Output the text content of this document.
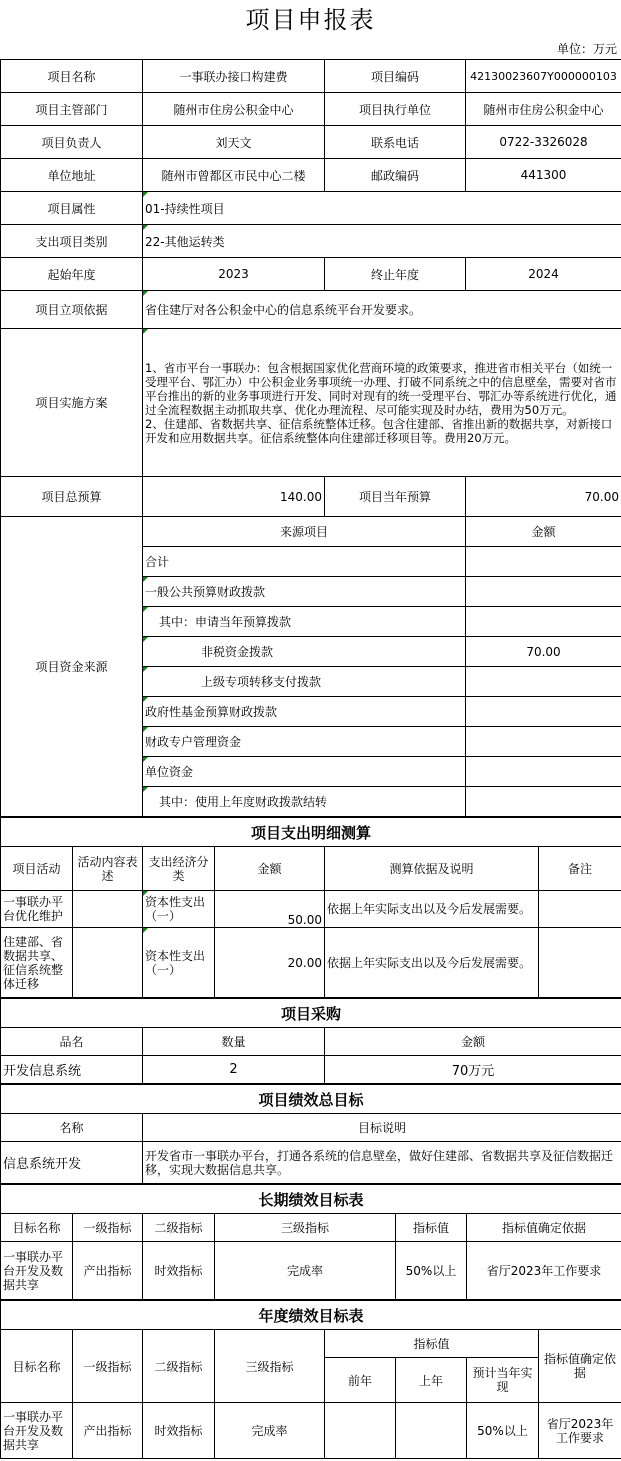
项目申报表
单位：万元
项目名称	一事联办接口构建费	项目编码	42130023607Y000000103
项目主管部门	随州市住房公积金中心	项目执行单位	随州市住房公积金中心
项目负责人	刘天文	联系电话	0722-3326028
单位地址	随州市曾都区市民中心二楼	邮政编码	441300
项目属性	01-持续性项目		
支出项目类别	22-其他运转类		
起始年度	2023	终止年度	2024
项目立项依据	省住建厅对各公积金中心的信息系统平台开发要求。		
项目实施方案	1、省市平台一事联办：包含根据国家优化营商环境的政策要求，推进省市相关平台（如统一受理平台、鄂汇办）中公积金业务事项统一办理、打破不同系统之中的信息壁垒，需要对省市平台推出的新的业务事项进行开发、同时对现有的统一受理平台、鄂汇办等系统进行优化，通过全流程数据主动抓取共享、优化办理流程、尽可能实现及时办结，费用为50万元。
2、住建部、省数据共享、征信系统整体迁移。包含住建部、省推出新的数据共享，对新接口开发和应用数据共享。征信系统整体向住建部迁移项目等。费用20万元。		
项目总预算	140.00	项目当年预算	70.00
项目资金来源	来源项目		金额
	合计		
	一般公共预算财政拨款		
	其中：申请当年预算拨款		
	非税资金拨款		70.00
	上级专项转移支付拨款		
	政府性基金预算财政拨款		
	财政专户管理资金		
	单位资金		
	其中：使用上年度财政拨款结转		
项目支出明细测算					
项目活动	活动内容表述	支出经济分类	金额	测算依据及说明	备注
一事联办平台优化维护		资本性支出（一）	50.00	依据上年实际支出以及今后发展需要。	
住建部、省数据共享、征信系统整体迁移		资本性支出（一）	20.00	依据上年实际支出以及今后发展需要。	
项目采购		
品名	数量	金额
开发信息系统	2	70万元
项目绩效总目标	
名称	目标说明
信息系统开发	开发省市一事联办平台，打通各系统的信息壁垒，做好住建部、省数据共享及征信数据迁移，实现大数据信息共享。
长期绩效目标表					
目标名称	一级指标	二级指标	三级指标	指标值	指标值确定依据
一事联办平台开发及数据共享	产出指标	时效指标	完成率	50%以上	省厅2023年工作要求
年度绩效目标表							
目标名称	一级指标	二级指标	三级指标	指标值			指标值确定依据
				前年	上年	预计当年实现	
一事联办平台开发及数据共享	产出指标	时效指标	完成率			50%以上	省厅2023年工作要求
